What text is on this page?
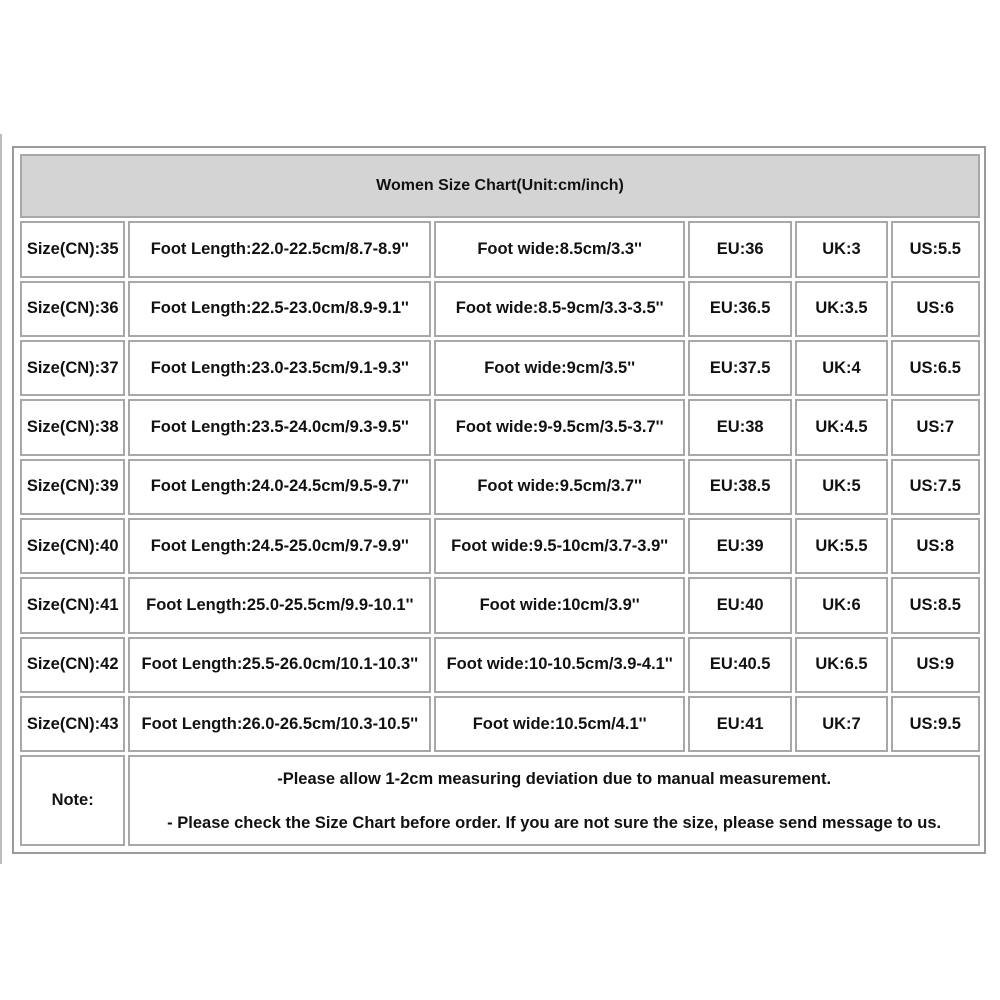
Women Size Chart(Unit:cm/inch)					
Size(CN):35	Foot Length:22.0-22.5cm/8.7-8.9''	Foot wide:8.5cm/3.3''	EU:36	UK:3	US:5.5
Size(CN):36	Foot Length:22.5-23.0cm/8.9-9.1''	Foot wide:8.5-9cm/3.3-3.5''	EU:36.5	UK:3.5	US:6
Size(CN):37	Foot Length:23.0-23.5cm/9.1-9.3''	Foot wide:9cm/3.5''	EU:37.5	UK:4	US:6.5
Size(CN):38	Foot Length:23.5-24.0cm/9.3-9.5''	Foot wide:9-9.5cm/3.5-3.7''	EU:38	UK:4.5	US:7
Size(CN):39	Foot Length:24.0-24.5cm/9.5-9.7''	Foot wide:9.5cm/3.7''	EU:38.5	UK:5	US:7.5
Size(CN):40	Foot Length:24.5-25.0cm/9.7-9.9''	Foot wide:9.5-10cm/3.7-3.9''	EU:39	UK:5.5	US:8
Size(CN):41	Foot Length:25.0-25.5cm/9.9-10.1''	Foot wide:10cm/3.9''	EU:40	UK:6	US:8.5
Size(CN):42	Foot Length:25.5-26.0cm/10.1-10.3''	Foot wide:10-10.5cm/3.9-4.1''	EU:40.5	UK:6.5	US:9
Size(CN):43	Foot Length:26.0-26.5cm/10.3-10.5''	Foot wide:10.5cm/4.1''	EU:41	UK:7	US:9.5
Note:	-Please allow 1-2cm measuring deviation due to manual measurement.
- Please check the Size Chart before order. If you are not sure the size, please send message to us.				
